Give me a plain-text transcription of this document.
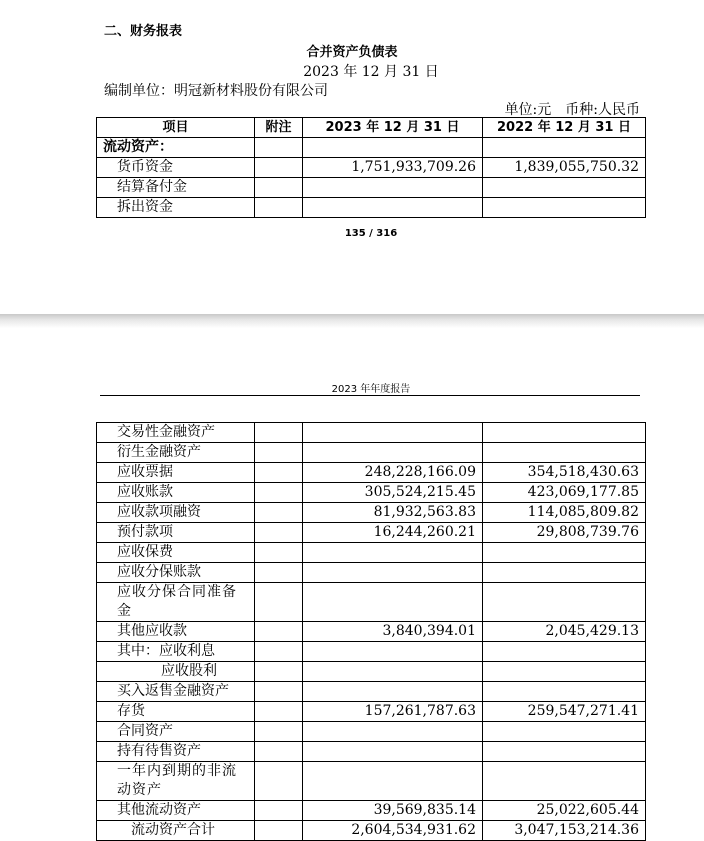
二、财务报表
合并资产负债表
2023 年 12 月 31 日
编制单位：明冠新材料股份有限公司
单位:元　币种:人民币
项目	附注	2023 年 12 月 31 日	2022 年 12 月 31 日
流动资产：			
货币资金		1,751,933,709.26	1,839,055,750.32
结算备付金			
拆出资金			
135 / 316
2023 年年度报告
交易性金融资产			
衍生金融资产			
应收票据		248,228,166.09	354,518,430.63
应收账款		305,524,215.45	423,069,177.85
应收款项融资		81,932,563.83	114,085,809.82
预付款项		16,244,260.21	29,808,739.76
应收保费			
应收分保账款			
应收分保合同准备金			
其他应收款		3,840,394.01	2,045,429.13
其中：应收利息			
应收股利			
买入返售金融资产			
存货		157,261,787.63	259,547,271.41
合同资产			
持有待售资产			
一年内到期的非流动资产			
其他流动资产		39,569,835.14	25,022,605.44
流动资产合计		2,604,534,931.62	3,047,153,214.36
